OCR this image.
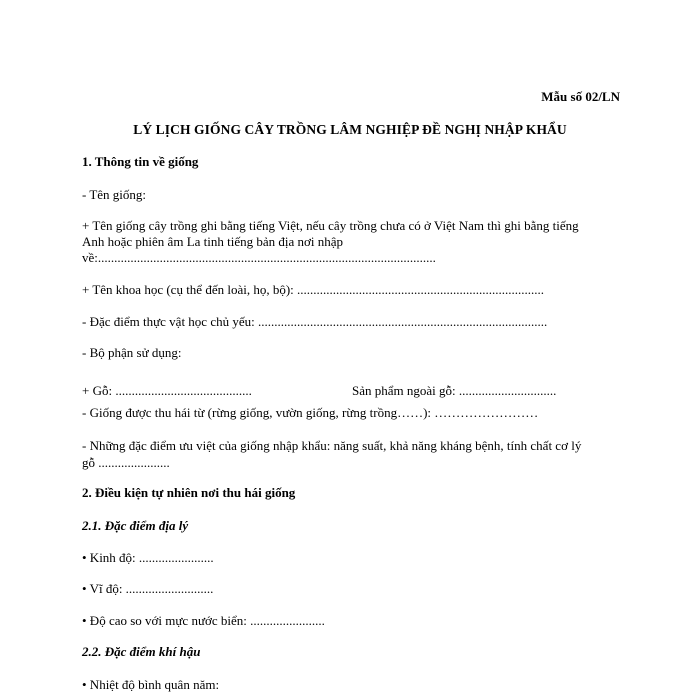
Mẫu số 02/LN
LÝ LỊCH GIỐNG CÂY TRỒNG LÂM NGHIỆP ĐỀ NGHỊ NHẬP KHẨU
1. Thông tin về giống
- Tên giống:
+ Tên giống cây trồng ghi bằng tiếng Việt, nếu cây trồng chưa có ở Việt Nam thì ghi bằng tiếng
Anh hoặc phiên âm La tinh tiếng bản địa nơi nhập
về:........................................................................................................
+ Tên khoa học (cụ thể đến loài, họ, bộ): ............................................................................
- Đặc điểm thực vật học chủ yếu: .........................................................................................
- Bộ phận sử dụng:
+ Gỗ: ..........................................	Sản phẩm ngoài gỗ: ..............................
- Giống được thu hái từ (rừng giống, vườn giống, rừng trồng……): ……………………
- Những đặc điểm ưu việt của giống nhập khẩu: năng suất, khả năng kháng bệnh, tính chất cơ lý
gỗ ......................
2. Điều kiện tự nhiên nơi thu hái giống
2.1. Đặc điểm địa lý
• Kinh độ: .......................
• Vĩ độ: ...........................
• Độ cao so với mực nước biển: .......................
2.2. Đặc điểm khí hậu
• Nhiệt độ bình quân năm:
